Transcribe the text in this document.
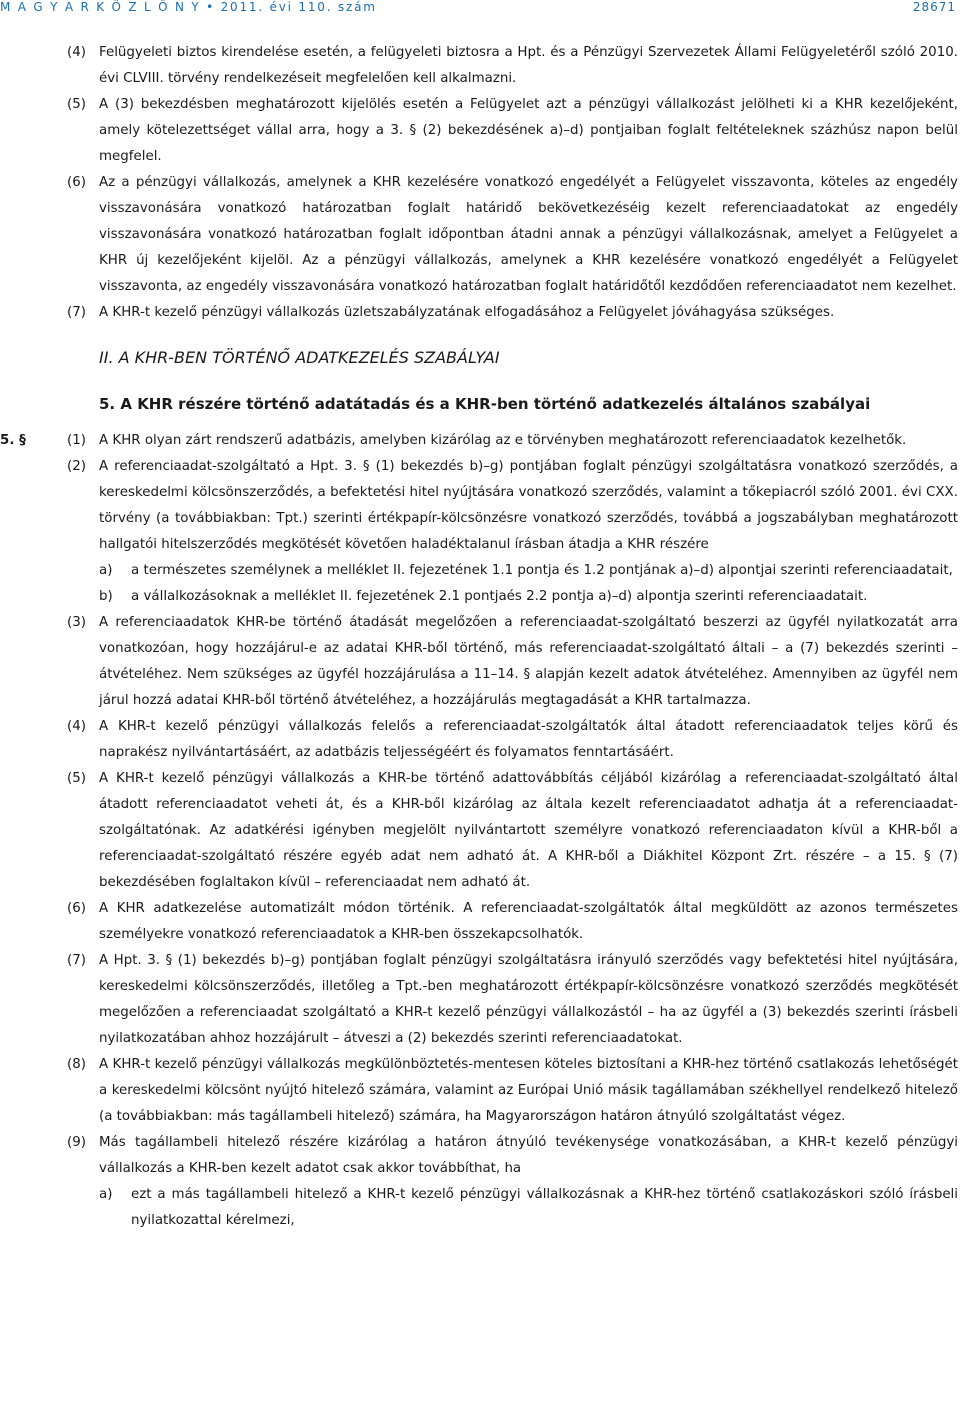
M A G Y A R K Ö Z L Ö N Y • 2011. évi 110. szám	28671
(4) Felügyeleti biztos kirendelése esetén, a felügyeleti biztosra a Hpt. és a Pénzügyi Szervezetek Állami Felügyeletéről szóló 2010. évi CLVIII. törvény rendelkezéseit megfelelően kell alkalmazni.
(5) A (3) bekezdésben meghatározott kijelölés esetén a Felügyelet azt a pénzügyi vállalkozást jelölheti ki a KHR kezelőjeként, amely kötelezettséget vállal arra, hogy a 3. § (2) bekezdésének a)–d) pontjaiban foglalt feltételeknek százhúsz napon belül megfelel.
(6) Az a pénzügyi vállalkozás, amelynek a KHR kezelésére vonatkozó engedélyét a Felügyelet visszavonta, köteles az engedély visszavonására vonatkozó határozatban foglalt határidő bekövetkezéséig kezelt referenciaadatokat az engedély visszavonására vonatkozó határozatban foglalt időpontban átadni annak a pénzügyi vállalkozásnak, amelyet a Felügyelet a KHR új kezelőjeként kijelöl. Az a pénzügyi vállalkozás, amelynek a KHR kezelésére vonatkozó engedélyét a Felügyelet visszavonta, az engedély visszavonására vonatkozó határozatban foglalt határidőtől kezdődően referenciaadatot nem kezelhet.
(7) A KHR-t kezelő pénzügyi vállalkozás üzletszabályzatának elfogadásához a Felügyelet jóváhagyása szükséges.
II. A KHR-BEN TÖRTÉNŐ ADATKEZELÉS SZABÁLYAI
5. A KHR részére történő adatátadás és a KHR-ben történő adatkezelés általános szabályai
5. §	(1) A KHR olyan zárt rendszerű adatbázis, amelyben kizárólag az e törvényben meghatározott referenciaadatok kezelhetők.
(2) A referenciaadat-szolgáltató a Hpt. 3. § (1) bekezdés b)–g) pontjában foglalt pénzügyi szolgáltatásra vonatkozó szerződés, a kereskedelmi kölcsönszerződés, a befektetési hitel nyújtására vonatkozó szerződés, valamint a tőkepiacról szóló 2001. évi CXX. törvény (a továbbiakban: Tpt.) szerinti értékpapír-kölcsönzésre vonatkozó szerződés, továbbá a jogszabályban meghatározott hallgatói hitelszerződés megkötését követően haladéktalanul írásban átadja a KHR részére
a) a természetes személynek a melléklet II. fejezetének 1.1 pontja és 1.2 pontjának a)–d) alpontjai szerinti referenciaadatait,
b) a vállalkozásoknak a melléklet II. fejezetének 2.1 pontjaés 2.2 pontja a)–d) alpontja szerinti referenciaadatait.
(3) A referenciaadatok KHR-be történő átadását megelőzően a referenciaadat-szolgáltató beszerzi az ügyfél nyilatkozatát arra vonatkozóan, hogy hozzájárul-e az adatai KHR-ből történő, más referenciaadat-szolgáltató általi – a (7) bekezdés szerinti – átvételéhez. Nem szükséges az ügyfél hozzájárulása a 11–14. § alapján kezelt adatok átvételéhez. Amennyiben az ügyfél nem járul hozzá adatai KHR-ből történő átvételéhez, a hozzájárulás megtagadását a KHR tartalmazza.
(4) A KHR-t kezelő pénzügyi vállalkozás felelős a referenciaadat-szolgáltatók által átadott referenciaadatok teljes körű és naprakész nyilvántartásáért, az adatbázis teljességéért és folyamatos fenntartásáért.
(5) A KHR-t kezelő pénzügyi vállalkozás a KHR-be történő adattovábbítás céljából kizárólag a referenciaadat-szolgáltató által átadott referenciaadatot veheti át, és a KHR-ből kizárólag az általa kezelt referenciaadatot adhatja át a referenciaadat-szolgáltatónak. Az adatkérési igényben megjelölt nyilvántartott személyre vonatkozó referenciaadaton kívül a KHR-ből a referenciaadat-szolgáltató részére egyéb adat nem adható át. A KHR-ből a Diákhitel Központ Zrt. részére – a 15. § (7) bekezdésében foglaltakon kívül – referenciaadat nem adható át.
(6) A KHR adatkezelése automatizált módon történik. A referenciaadat-szolgáltatók által megküldött az azonos természetes személyekre vonatkozó referenciaadatok a KHR-ben összekapcsolhatók.
(7) A Hpt. 3. § (1) bekezdés b)–g) pontjában foglalt pénzügyi szolgáltatásra irányuló szerződés vagy befektetési hitel nyújtására, kereskedelmi kölcsönszerződés, illetőleg a Tpt.-ben meghatározott értékpapír-kölcsönzésre vonatkozó szerződés megkötését megelőzően a referenciaadat szolgáltató a KHR-t kezelő pénzügyi vállalkozástól – ha az ügyfél a (3) bekezdés szerinti írásbeli nyilatkozatában ahhoz hozzájárult – átveszi a (2) bekezdés szerinti referenciaadatokat.
(8) A KHR-t kezelő pénzügyi vállalkozás megkülönböztetés-mentesen köteles biztosítani a KHR-hez történő csatlakozás lehetőségét a kereskedelmi kölcsönt nyújtó hitelező számára, valamint az Európai Unió másik tagállamában székhellyel rendelkező hitelező (a továbbiakban: más tagállambeli hitelező) számára, ha Magyarországon határon átnyúló szolgáltatást végez.
(9) Más tagállambeli hitelező részére kizárólag a határon átnyúló tevékenysége vonatkozásában, a KHR-t kezelő pénzügyi vállalkozás a KHR-ben kezelt adatot csak akkor továbbíthat, ha
a) ezt a más tagállambeli hitelező a KHR-t kezelő pénzügyi vállalkozásnak a KHR-hez történő csatlakozáskori szóló írásbeli nyilatkozattal kérelmezi,
